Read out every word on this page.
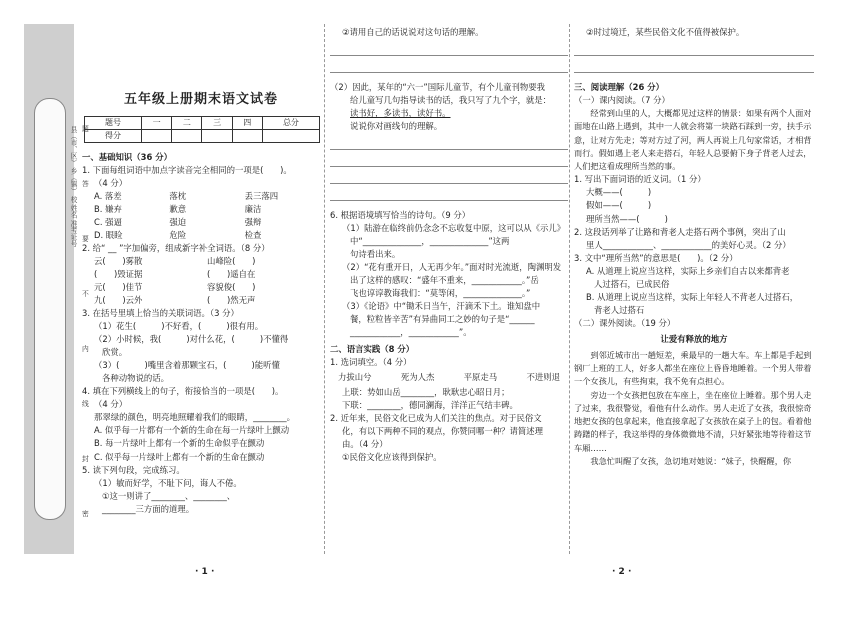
县（市、区） 乡（镇） 校 姓名 准考证号 题
答
要
不
内
线
封
密
五年级上册期末语文试卷
题号	一	二	三	四	总分
得分					
一、基础知识（36 分）

1. 下面每组词语中加点字读音完全相同的一项是(　　)。

（4 分）

A. 落差	落枕	丢三落四
B. 嫌弃	歉意	廉洁
C. 强逼	强迫	强辩
D. 眼睑	危险	检查

2. 给“ __ ”字加偏旁，组成新字补全词语。（8 分）

云(　　)雾散	山峰险(　　)
(　　)毁证据	(　　)遥自在
元(　　)佳节	容貌俊(　　)
九(　　)云外	(　　)然无声

3. 在括号里填上恰当的关联词语。（3 分）

（1）花生(　　　)不好看，(　　　)很有用。

（2）小时候，我(　　　)对什么花，(　　　)不懂得

欣赏。

（3）(　　　)嘴里含着那颗宝石，(　　　)能听懂

各种动物说的话。

4. 填在下列横线上的句子，衔接恰当的一项是(　　)。

（4 分）

那翠绿的颜色，明亮地照耀着我们的眼睛，________。

A. 似乎每一片都有一个新的生命在每一片绿叶上颤动

B. 每一片绿叶上都有一个新的生命似乎在颤动

C. 似乎每一片绿叶上都有一个新的生命在颤动

5. 读下列句段，完成练习。

（1）敏而好学，不耻下问，诲人不倦。

①这一则讲了________、________、

________三方面的道理。

· 1 ·

②请用自己的话说说对这句话的理解。

（2）因此，某年的“六一”国际儿童节，有个儿童刊物要我

给儿童写几句指导读书的话，我只写了九个字，就是：

读书好，多读书，读好书。

说说你对画线句的理解。

6. 根据语境填写恰当的诗句。（9 分）

（1）陆游在临终前仍念念不忘收复中原，这可以从《示儿》

中“______________，______________”这两

句诗看出来。

（2）“花有重开日，人无再少年。”面对时光流逝，陶渊明发

出了这样的感叹：“盛年不重来，____________。”岳

飞也谆谆教诲我们：“莫等闲，______________。”

（3）《论语》中“锄禾日当午，汗滴禾下土。谁知盘中

餐，粒粒皆辛苦”有异曲同工之妙的句子是“______

____________，____________”。

二、语言实践（8 分）

1. 选词填空。（4 分）

力拔山兮	死为人杰	平原走马	不进则退

上联：势如山岳________，耿耿忠心昭日月；

下联：________，德同澜海，洋洋正气结丰碑。

2. 近年来，民俗文化已成为人们关注的焦点。对于民俗文

化，有以下两种不同的观点，你赞同哪一种？请简述理

由。（4 分）

①民俗文化应该得到保护。

②时过境迁，某些民俗文化不值得被保护。

三、阅读理解（26 分）

（一）课内阅读。（7 分）

经常到山里的人，大概都见过这样的情景：如果有两个人面对面地在山路上遇到，其中一人就会将第一块路石踩到一旁，扶手示意，让对方先走；等对方过了河，两人再说上几句家常话，才相背而行。假如遇上老人来走搭石，年轻人总要俯下身子背老人过去，人们把这看成理所当然的事。

1. 写出下面词语的近义词。（1 分）

大概——(　　　)

假如——(　　　)

理所当然——(　　　)

2. 这段话列举了让路和背老人走搭石两个事例，突出了山

里人____________、____________的美好心灵。（2 分）

3. 文中“理所当然”的意思是(　　)。（2 分）

A. 从道理上说应当这样，实际上乡亲们自古以来都背老

人过搭石，已成民俗

B. 从道理上说应当这样，实际上年轻人不背老人过搭石，

背老人过搭石

（二）课外阅读。（19 分）

让爱有释放的地方

到邻近城市出一趟短差，乘最早的一趟大车。车上都是手起到钢厂上班的工人，好多人都坐在座位上昏昏地睡着。一个男人带着一个女孩儿，有些拘束，我不免有点担心。

旁边一个女孩把包放在车座上，坐在座位上睡着。那个男人走了过来，我很警觉，看他有什么动作。男人走近了女孩，我很惊奇地把女孩的包拿起来，他直接拿起了女孩放在桌子上的包。看着他踌躇的样子，我这举得的身体微微地不清，只好紧张地等待着这节车厢……

我急忙叫醒了女孩，急切地对她说：“妹子，快醒醒，你

· 2 ·
